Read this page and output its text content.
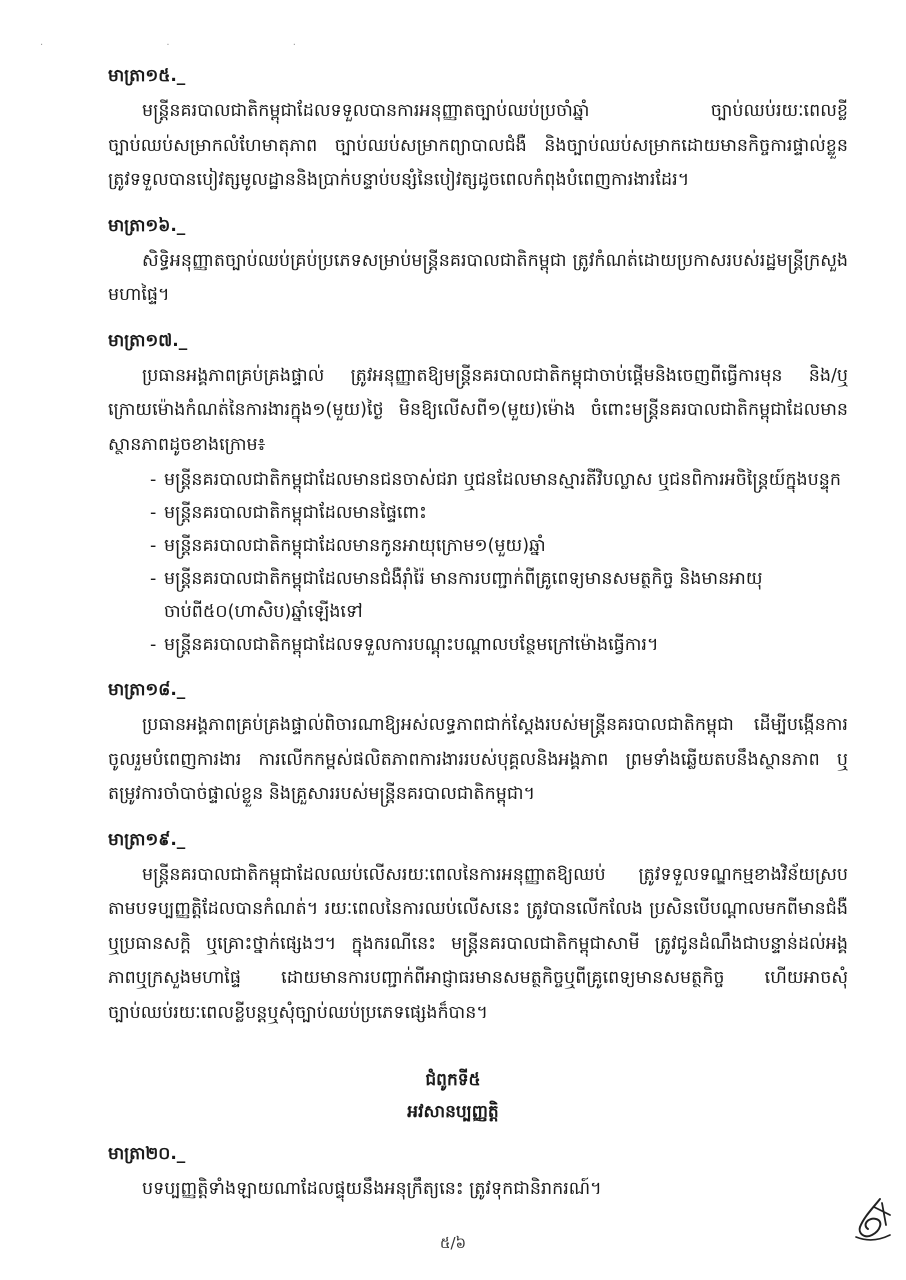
· · ·
មាត្រា១៥._

មន្ត្រីនគរបាលជាតិកម្ពុជាដែលទទួលបានការអនុញ្ញាតច្បាប់ឈប់ប្រចាំឆ្នាំ ច្បាប់ឈប់រយៈពេលខ្លី ច្បាប់ឈប់សម្រាកលំហែមាតុភាព ច្បាប់ឈប់សម្រាកព្យាបាលជំងឺ និងច្បាប់ឈប់សម្រាកដោយមានកិច្ចការផ្ទាល់ខ្លួន ត្រូវទទួលបានបៀវត្សមូលដ្ឋាននិងប្រាក់បន្ទាប់បន្សំនៃបៀវត្សដូចពេលកំពុងបំពេញការងារដែរ។

មាត្រា១៦._

សិទ្ធិអនុញ្ញាតច្បាប់ឈប់គ្រប់ប្រភេទសម្រាប់មន្ត្រីនគរបាលជាតិកម្ពុជា ត្រូវកំណត់ដោយប្រកាសរបស់រដ្ឋមន្ត្រីក្រសួងមហាផ្ទៃ។

មាត្រា១៧._

ប្រធានអង្គភាពគ្រប់គ្រងផ្ទាល់ ត្រូវអនុញ្ញាតឱ្យមន្ត្រីនគរបាលជាតិកម្ពុជាចាប់ផ្ដើមនិងចេញពីធ្វើការមុន និង/ឬក្រោយម៉ោងកំណត់នៃការងារក្នុង១(មួយ)ថ្ងៃ មិនឱ្យលើសពី១(មួយ)ម៉ោង ចំពោះមន្ត្រីនគរបាលជាតិកម្ពុជាដែលមានស្ថានភាពដូចខាងក្រោម៖

- មន្ត្រីនគរបាលជាតិកម្ពុជាដែលមានជនចាស់ជរា ឬជនដែលមានស្មារតីវិបល្លាស ឬជនពិការអចិន្ត្រៃយ៍ក្នុងបន្ទុក
- មន្ត្រីនគរបាលជាតិកម្ពុជាដែលមានផ្ទៃពោះ
- មន្ត្រីនគរបាលជាតិកម្ពុជាដែលមានកូនអាយុក្រោម១(មួយ)ឆ្នាំ
- មន្ត្រីនគរបាលជាតិកម្ពុជាដែលមានជំងឺរ៉ាំរ៉ៃ មានការបញ្ជាក់ពីគ្រូពេទ្យមានសមត្ថកិច្ច និងមានអាយុចាប់ពី៥០(ហាសិប)ឆ្នាំឡើងទៅ
- មន្ត្រីនគរបាលជាតិកម្ពុជាដែលទទួលការបណ្ដុះបណ្ដាលបន្ថែមក្រៅម៉ោងធ្វើការ។
មាត្រា១៨._

ប្រធានអង្គភាពគ្រប់គ្រងផ្ទាល់ពិចារណាឱ្យអស់លទ្ធភាពជាក់ស្ដែងរបស់មន្ត្រីនគរបាលជាតិកម្ពុជា ដើម្បីបង្កើនការចូលរួមបំពេញការងារ ការលើកកម្ពស់ផលិតភាពការងាររបស់បុគ្គលនិងអង្គភាព ព្រមទាំងឆ្លើយតបនឹងស្ថានភាព ឬតម្រូវការចាំបាច់ផ្ទាល់ខ្លួន និងគ្រួសាររបស់មន្ត្រីនគរបាលជាតិកម្ពុជា។

មាត្រា១៩._

មន្ត្រីនគរបាលជាតិកម្ពុជាដែលឈប់លើសរយៈពេលនៃការអនុញ្ញាតឱ្យឈប់ ត្រូវទទួលទណ្ឌកម្មខាងវិន័យស្របតាមបទប្បញ្ញត្តិដែលបានកំណត់។ រយៈពេលនៃការឈប់លើសនេះ ត្រូវបានលើកលែង ប្រសិនបើបណ្ដាលមកពីមានជំងឺ ឬប្រធានសក្តិ ឬគ្រោះថ្នាក់ផ្សេងៗ។ ក្នុងករណីនេះ មន្ត្រីនគរបាលជាតិកម្ពុជាសាមី ត្រូវជូនដំណឹងជាបន្ទាន់ដល់អង្គភាពឬក្រសួងមហាផ្ទៃ ដោយមានការបញ្ជាក់ពីអាជ្ញាធរមានសមត្ថកិច្ចឬពីគ្រូពេទ្យមានសមត្ថកិច្ច ហើយអាចសុំច្បាប់ឈប់រយៈពេលខ្លីបន្តឬសុំច្បាប់ឈប់ប្រភេទផ្សេងក៏បាន។

ជំពូកទី៥
អវសានប្បញ្ញត្តិ
មាត្រា២០._

បទប្បញ្ញត្តិទាំងឡាយណាដែលផ្ទុយនឹងអនុក្រឹត្យនេះ ត្រូវទុកជានិរាករណ៍។

៥/៦
